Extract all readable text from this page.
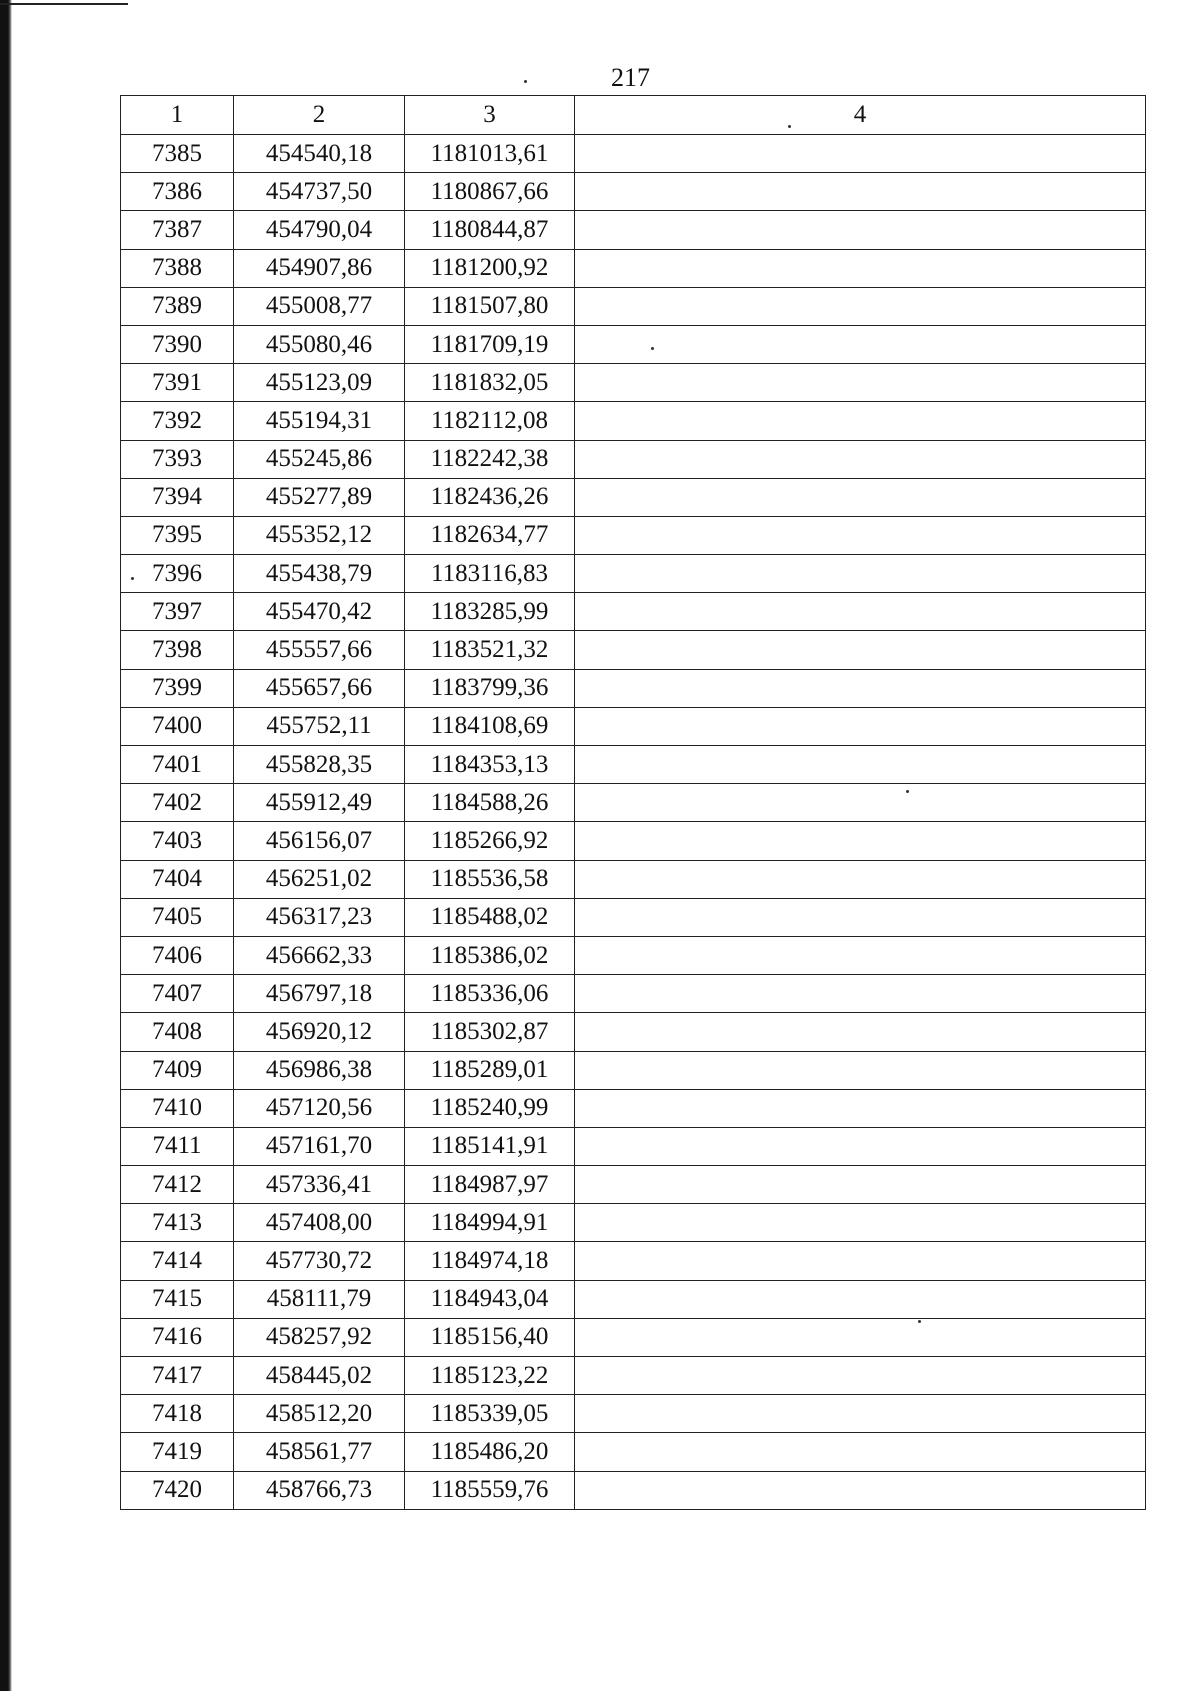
217
1	2	3	4
7385	454540,18	1181013,61	
7386	454737,50	1180867,66	
7387	454790,04	1180844,87	
7388	454907,86	1181200,92	
7389	455008,77	1181507,80	
7390	455080,46	1181709,19	
7391	455123,09	1181832,05	
7392	455194,31	1182112,08	
7393	455245,86	1182242,38	
7394	455277,89	1182436,26	
7395	455352,12	1182634,77	
7396	455438,79	1183116,83	
7397	455470,42	1183285,99	
7398	455557,66	1183521,32	
7399	455657,66	1183799,36	
7400	455752,11	1184108,69	
7401	455828,35	1184353,13	
7402	455912,49	1184588,26	
7403	456156,07	1185266,92	
7404	456251,02	1185536,58	
7405	456317,23	1185488,02	
7406	456662,33	1185386,02	
7407	456797,18	1185336,06	
7408	456920,12	1185302,87	
7409	456986,38	1185289,01	
7410	457120,56	1185240,99	
7411	457161,70	1185141,91	
7412	457336,41	1184987,97	
7413	457408,00	1184994,91	
7414	457730,72	1184974,18	
7415	458111,79	1184943,04	
7416	458257,92	1185156,40	
7417	458445,02	1185123,22	
7418	458512,20	1185339,05	
7419	458561,77	1185486,20	
7420	458766,73	1185559,76	
